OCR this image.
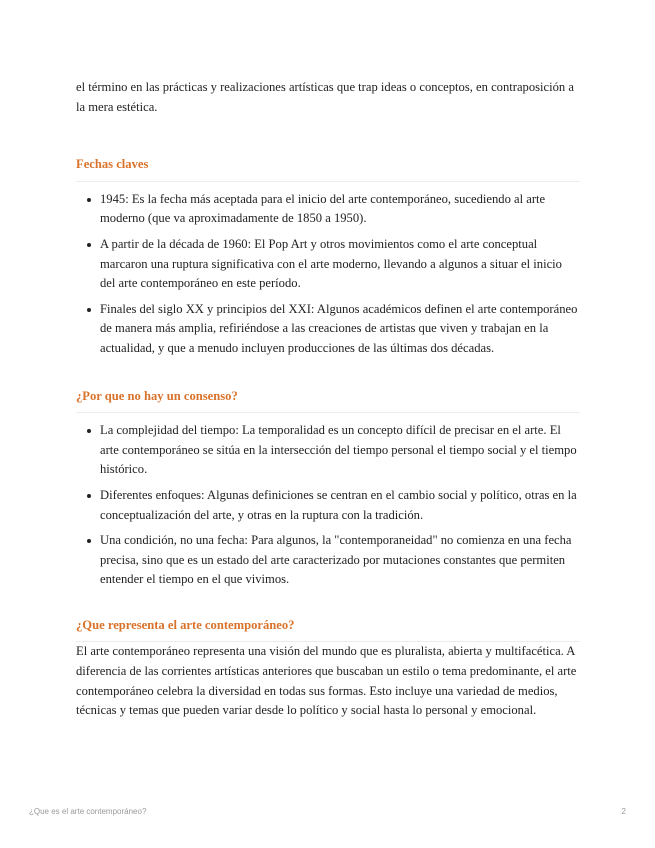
el término en las prácticas y realizaciones artísticas que trap ideas o conceptos, en contraposición a la mera estética.

Fechas claves
1945: Es la fecha más aceptada para el inicio del arte contemporáneo, sucediendo al arte moderno (que va aproximadamente de 1850 a 1950).
A partir de la década de 1960: El Pop Art y otros movimientos como el arte conceptual marcaron una ruptura significativa con el arte moderno, llevando a algunos a situar el inicio del arte contemporáneo en este período.
Finales del siglo XX y principios del XXI: Algunos académicos definen el arte contemporáneo de manera más amplia, refiriéndose a las creaciones de artistas que viven y trabajan en la actualidad, y que a menudo incluyen producciones de las últimas dos décadas.
¿Por que no hay un consenso?
La complejidad del tiempo: La temporalidad es un concepto difícil de precisar en el arte. El arte contemporáneo se sitúa en la intersección del tiempo personal el tiempo social y el tiempo histórico.
Diferentes enfoques: Algunas definiciones se centran en el cambio social y político, otras en la conceptualización del arte, y otras en la ruptura con la tradición.
Una condición, no una fecha: Para algunos, la "contemporaneidad" no comienza en una fecha precisa, sino que es un estado del arte caracterizado por mutaciones constantes que permiten entender el tiempo en el que vivimos.
¿Que representa el arte contemporáneo?

El arte contemporáneo representa una visión del mundo que es pluralista, abierta y multifacética. A diferencia de las corrientes artísticas anteriores que buscaban un estilo o tema predominante, el arte contemporáneo celebra la diversidad en todas sus formas. Esto incluye una variedad de medios, técnicas y temas que pueden variar desde lo político y social hasta lo personal y emocional.

¿Que es el arte contemporáneo?	2
